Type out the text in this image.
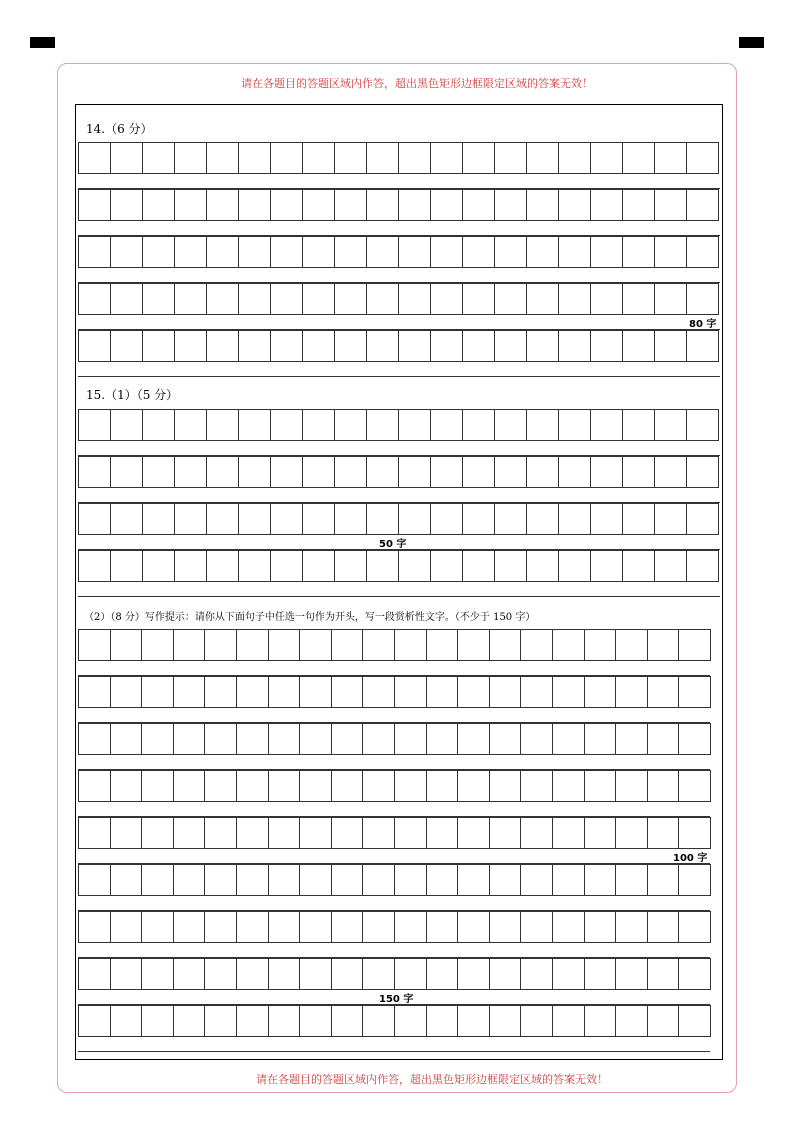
请在各题目的答题区域内作答，超出黑色矩形边框限定区域的答案无效！
请在各题目的答题区域内作答，超出黑色矩形边框限定区域的答案无效！
14.（6 分）
15.（1）（5 分）
（2）（8 分）写作提示：请你从下面句子中任选一句作为开头，写一段赏析性文字。（不少于 150 字）
80 字
50 字
100 字
150 字
